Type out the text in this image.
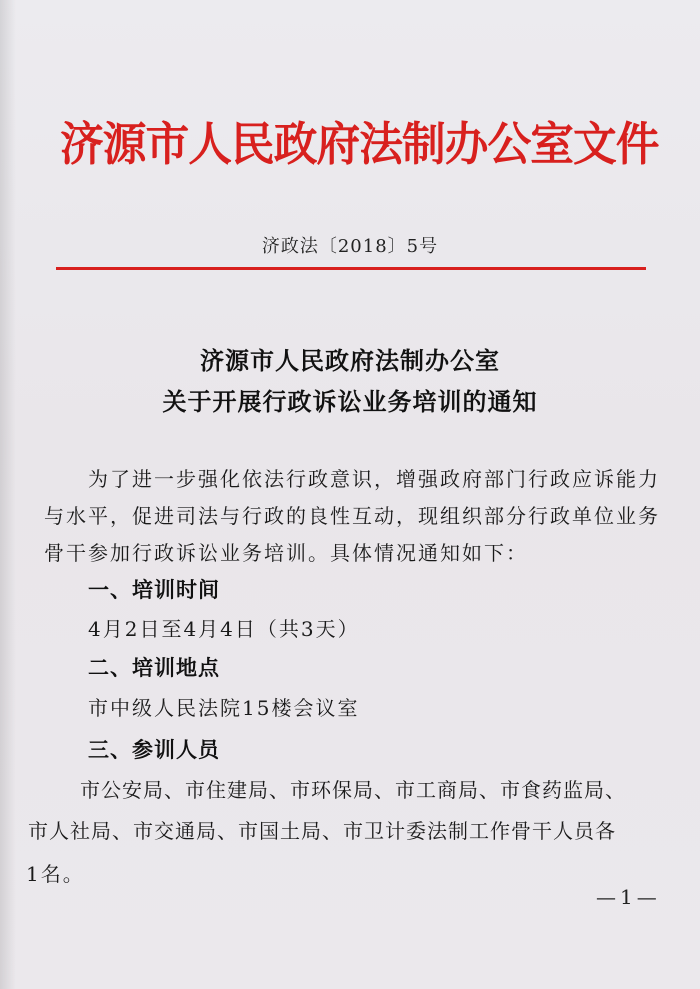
济源市人民政府法制办公室文件
济政法〔2018〕5号
济源市人民政府法制办公室
关于开展行政诉讼业务培训的通知
为了进一步强化依法行政意识，增强政府部门行政应诉能力
与水平，促进司法与行政的良性互动，现组织部分行政单位业务
骨干参加行政诉讼业务培训。具体情况通知如下：
一、培训时间
4月2日至4月4日（共3天）
二、培训地点
市中级人民法院15楼会议室
三、参训人员
市公安局、市住建局、市环保局、市工商局、市食药监局、
市人社局、市交通局、市国土局、市卫计委法制工作骨干人员各
1名。
—1—
